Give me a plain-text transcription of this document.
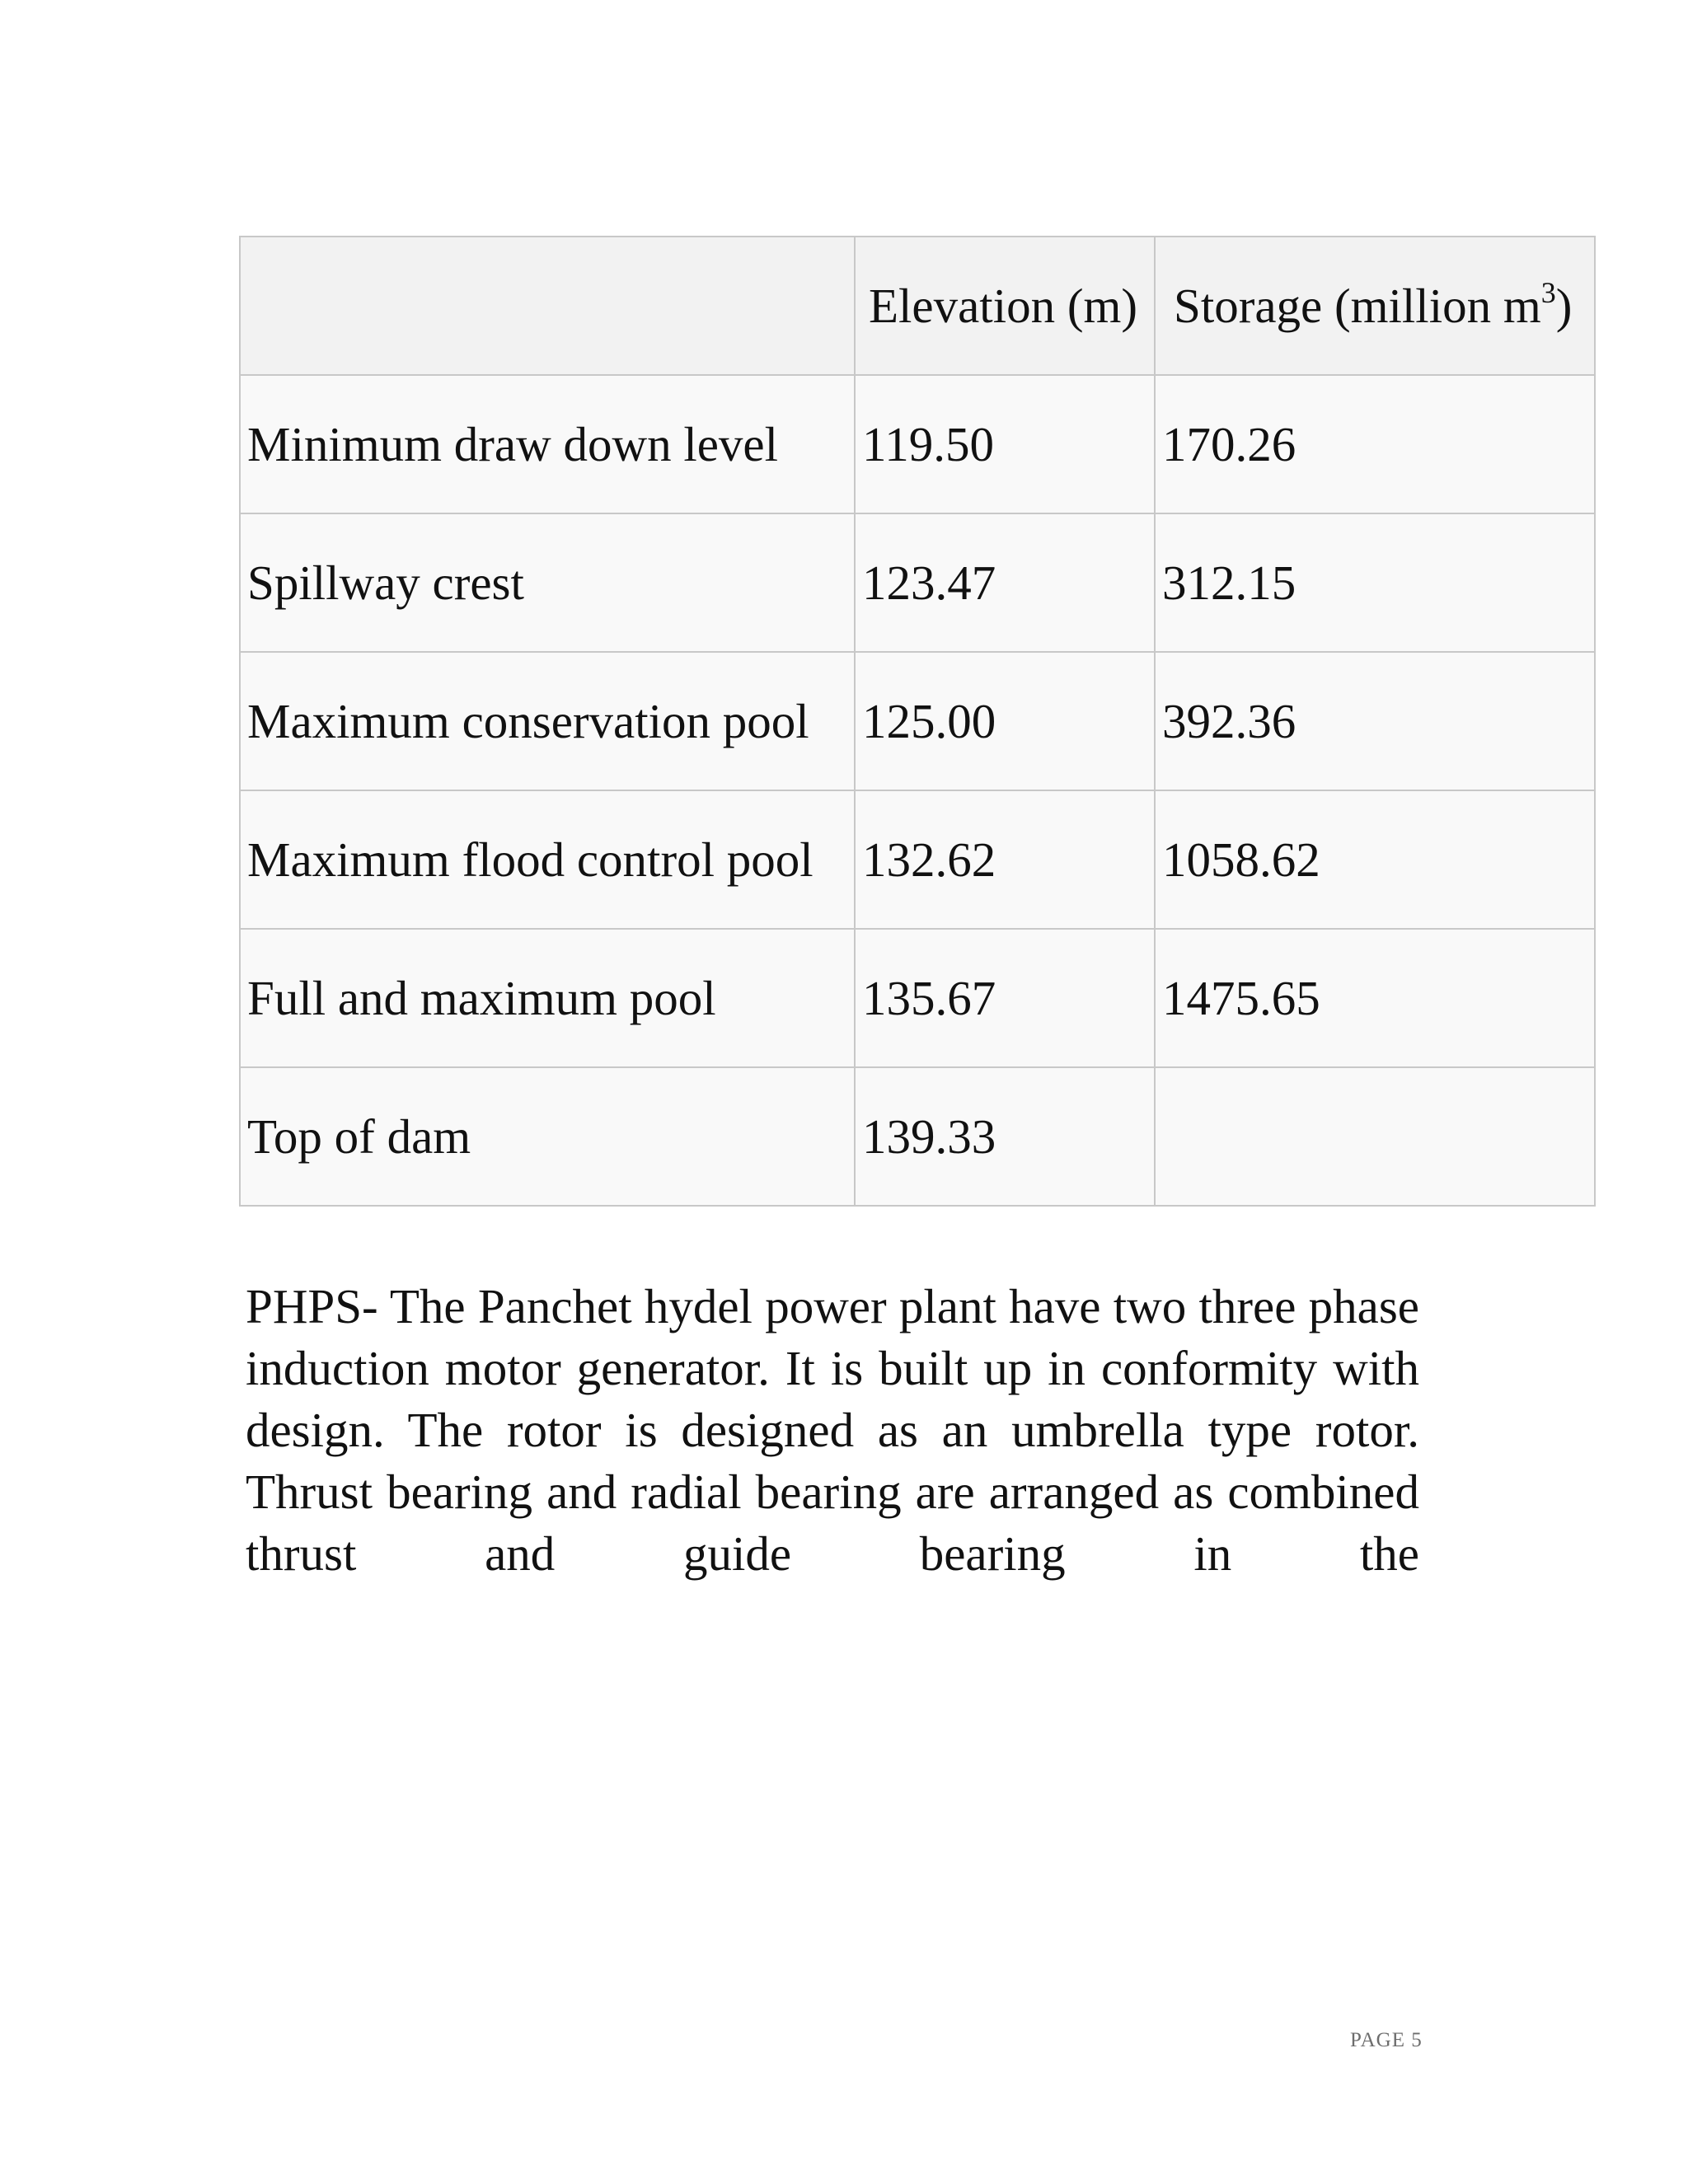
	Elevation (m)	Storage (million $m^3$)
Minimum draw down level	119.50	170.26
Spillway crest	123.47	312.15
Maximum conservation pool	125.00	392.36
Maximum flood control pool	132.62	1058.62
Full and maximum pool	135.67	1475.65
Top of dam	139.33	

PHPS- The Panchet hydel power plant have two three phase induction motor generator. It is built up in conformity with design. The rotor is designed as an umbrella type rotor. Thrust bearing and radial bearing are arranged as combined thrust and guide bearing in the

PAGE 5
